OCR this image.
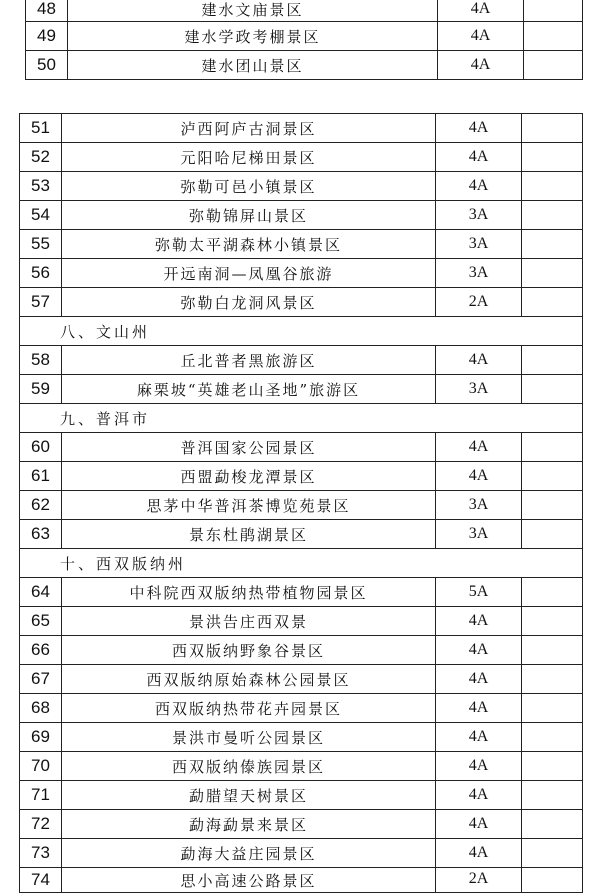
48	建水文庙景区	4A	
49	建水学政考棚景区	4A	
50	建水团山景区	4A	
51	泸西阿庐古洞景区	4A	
52	元阳哈尼梯田景区	4A	
53	弥勒可邑小镇景区	4A	
54	弥勒锦屏山景区	3A	
55	弥勒太平湖森林小镇景区	3A	
56	开远南洞—凤凰谷旅游	3A	
57	弥勒白龙洞风景区	2A	
八、文山州			
58	丘北普者黑旅游区	4A	
59	麻栗坡“英雄老山圣地”旅游区	3A	
九、普洱市			
60	普洱国家公园景区	4A	
61	西盟勐梭龙潭景区	4A	
62	思茅中华普洱茶博览苑景区	3A	
63	景东杜鹃湖景区	3A	
十、西双版纳州			
64	中科院西双版纳热带植物园景区	5A	
65	景洪告庄西双景	4A	
66	西双版纳野象谷景区	4A	
67	西双版纳原始森林公园景区	4A	
68	西双版纳热带花卉园景区	4A	
69	景洪市曼听公园景区	4A	
70	西双版纳傣族园景区	4A	
71	勐腊望天树景区	4A	
72	勐海勐景来景区	4A	
73	勐海大益庄园景区	4A	
74	思小高速公路景区	2A	
